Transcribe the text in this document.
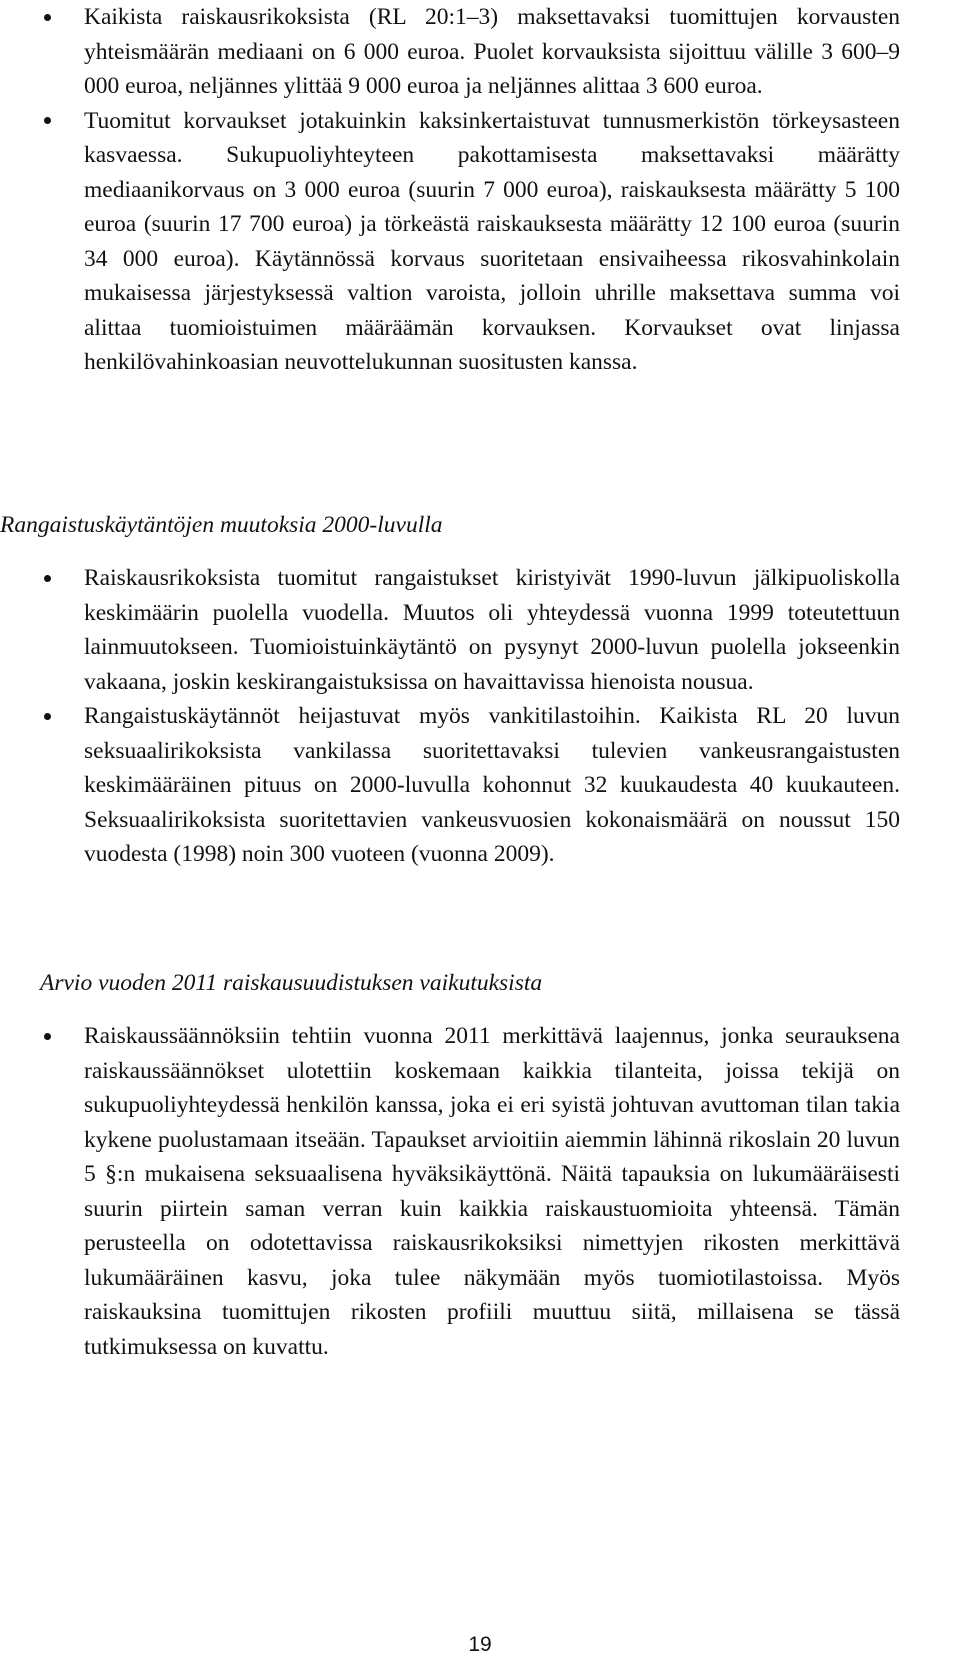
Kaikista raiskausrikoksista (RL 20:1–3) maksettavaksi tuomittujen korvausten yhteismäärän mediaani on 6 000 euroa. Puolet korvauksista sijoittuu välille 3 600–9 000 euroa, neljännes ylittää 9 000 euroa ja neljännes alittaa 3 600 euroa.
Tuomitut korvaukset jotakuinkin kaksinkertaistuvat tunnusmerkistön törkeysasteen kasvaessa. Sukupuoliyhteyteen pakottamisesta maksettavaksi määrätty mediaanikorvaus on 3 000 euroa (suurin 7 000 euroa), raiskauksesta määrätty 5 100 euroa (suurin 17 700 euroa) ja törkeästä raiskauksesta määrätty 12 100 euroa (suurin 34 000 euroa). Käytännössä korvaus suoritetaan ensivaiheessa rikosvahinkolain mukaisessa järjestyksessä valtion varoista, jolloin uhrille maksettava summa voi alittaa tuomioistuimen määräämän korvauksen. Korvaukset ovat linjassa henkilövahinkoasian neuvottelukunnan suositusten kanssa.
Rangaistuskäytäntöjen muutoksia 2000-luvulla
Raiskausrikoksista tuomitut rangaistukset kiristyivät 1990-luvun jälkipuoliskolla keskimäärin puolella vuodella. Muutos oli yhteydessä vuonna 1999 toteutettuun lainmuutokseen. Tuomioistuinkäytäntö on pysynyt 2000-luvun puolella jokseenkin vakaana, joskin keskirangaistuksissa on havaittavissa hienoista nousua.
Rangaistuskäytännöt heijastuvat myös vankitilastoihin. Kaikista RL 20 luvun seksuaalirikoksista vankilassa suoritettavaksi tulevien vankeusrangaistusten keskimääräinen pituus on 2000-luvulla kohonnut 32 kuukaudesta 40 kuukauteen. Seksuaalirikoksista suoritettavien vankeusvuosien kokonaismäärä on noussut 150 vuodesta (1998) noin 300 vuoteen (vuonna 2009).
Arvio vuoden 2011 raiskausuudistuksen vaikutuksista
Raiskaussäännöksiin tehtiin vuonna 2011 merkittävä laajennus, jonka seurauksena raiskaussäännökset ulotettiin koskemaan kaikkia tilanteita, joissa tekijä on sukupuoliyhteydessä henkilön kanssa, joka ei eri syistä johtuvan avuttoman tilan takia kykene puolustamaan itseään. Tapaukset arvioitiin aiemmin lähinnä rikoslain 20 luvun 5 §:n mukaisena seksuaalisena hyväksikäyttönä. Näitä tapauksia on lukumääräisesti suurin piirtein saman verran kuin kaikkia raiskaustuomioita yhteensä. Tämän perusteella on odotettavissa raiskausrikoksiksi nimettyjen rikosten merkittävä lukumääräinen kasvu, joka tulee näkymään myös tuomiotilastoissa. Myös raiskauksina tuomittujen rikosten profiili muuttuu siitä, millaisena se tässä tutkimuksessa on kuvattu.
19
